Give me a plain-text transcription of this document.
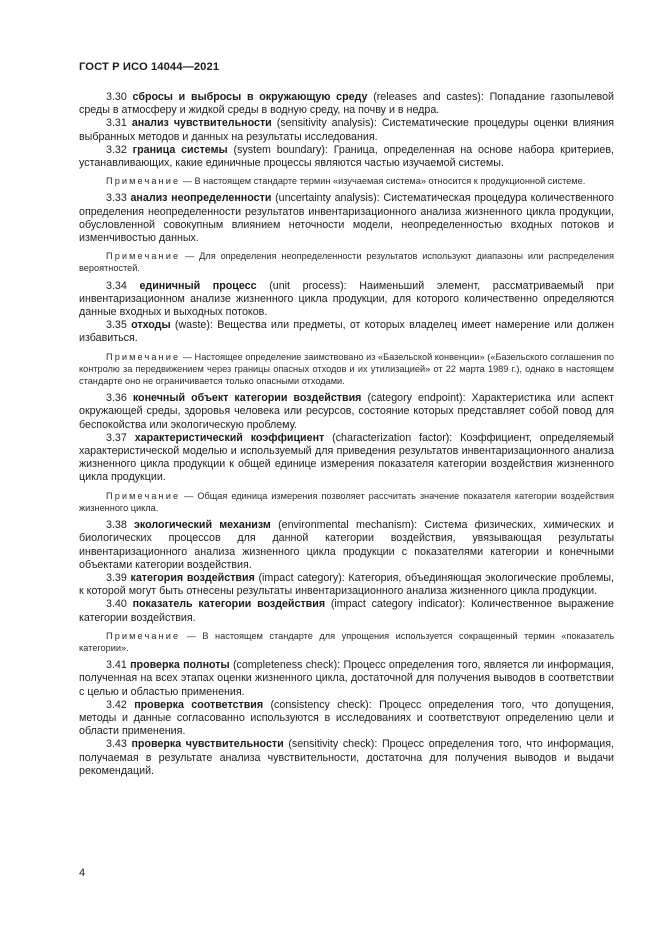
ГОСТ Р ИСО 14044—2021

3.30 сбросы и выбросы в окружающую среду (releases and castes): Попадание газопылевой среды в атмосферу и жидкой среды в водную среду, на почву и в недра.

3.31 анализ чувствительности (sensitivity analysis): Систематические процедуры оценки влияния выбранных методов и данных на результаты исследования.

3.32 граница системы (system boundary): Граница, определенная на основе набора критериев, устанавливающих, какие единичные процессы являются частью изучаемой системы.

Примечание — В настоящем стандарте термин «изучаемая система» относится к продукционной системе.

3.33 анализ неопределенности (uncertainty analysis): Систематическая процедура количественного определения неопределенности результатов инвентаризационного анализа жизненного цикла продукции, обусловленной совокупным влиянием неточности модели, неопределенностью входных потоков и изменчивостью данных.

Примечание — Для определения неопределенности результатов используют диапазоны или распределения вероятностей.

3.34 единичный процесс (unit process): Наименьший элемент, рассматриваемый при инвентаризационном анализе жизненного цикла продукции, для которого количественно определяются данные входных и выходных потоков.

3.35 отходы (waste): Вещества или предметы, от которых владелец имеет намерение или должен избавиться.

Примечание — Настоящее определение заимствовано из «Базельской конвенции» («Базельского соглашения по контролю за передвижением через границы опасных отходов и их утилизацией» от 22 марта 1989 г.), однако в настоящем стандарте оно не ограничивается только опасными отходами.

3.36 конечный объект категории воздействия (category endpoint): Характеристика или аспект окружающей среды, здоровья человека или ресурсов, состояние которых представляет собой повод для беспокойства или экологическую проблему.

3.37 характеристический коэффициент (characterization factor): Коэффициент, определяемый характеристической моделью и используемый для приведения результатов инвентаризационного анализа жизненного цикла продукции к общей единице измерения показателя категории воздействия жизненного цикла продукции.

Примечание — Общая единица измерения позволяет рассчитать значение показателя категории воздействия жизненного цикла.

3.38 экологический механизм (environmental mechanism): Система физических, химических и биологических процессов для данной категории воздействия, увязывающая результаты инвентаризационного анализа жизненного цикла продукции с показателями категории и конечными объектами категории воздействия.

3.39 категория воздействия (impact category): Категория, объединяющая экологические проблемы, к которой могут быть отнесены результаты инвентаризационного анализа жизненного цикла продукции.

3.40 показатель категории воздействия (impact category indicator): Количественное выражение категории воздействия.

Примечание — В настоящем стандарте для упрощения используется сокращенный термин «показатель категории».

3.41 проверка полноты (completeness check): Процесс определения того, является ли информация, полученная на всех этапах оценки жизненного цикла, достаточной для получения выводов в соответствии с целью и областью применения.

3.42 проверка соответствия (consistency check): Процесс определения того, что допущения, методы и данные согласованно используются в исследованиях и соответствуют определению цели и области применения.

3.43 проверка чувствительности (sensitivity check): Процесс определения того, что информация, получаемая в результате анализа чувствительности, достаточна для получения выводов и выдачи рекомендаций.

4
